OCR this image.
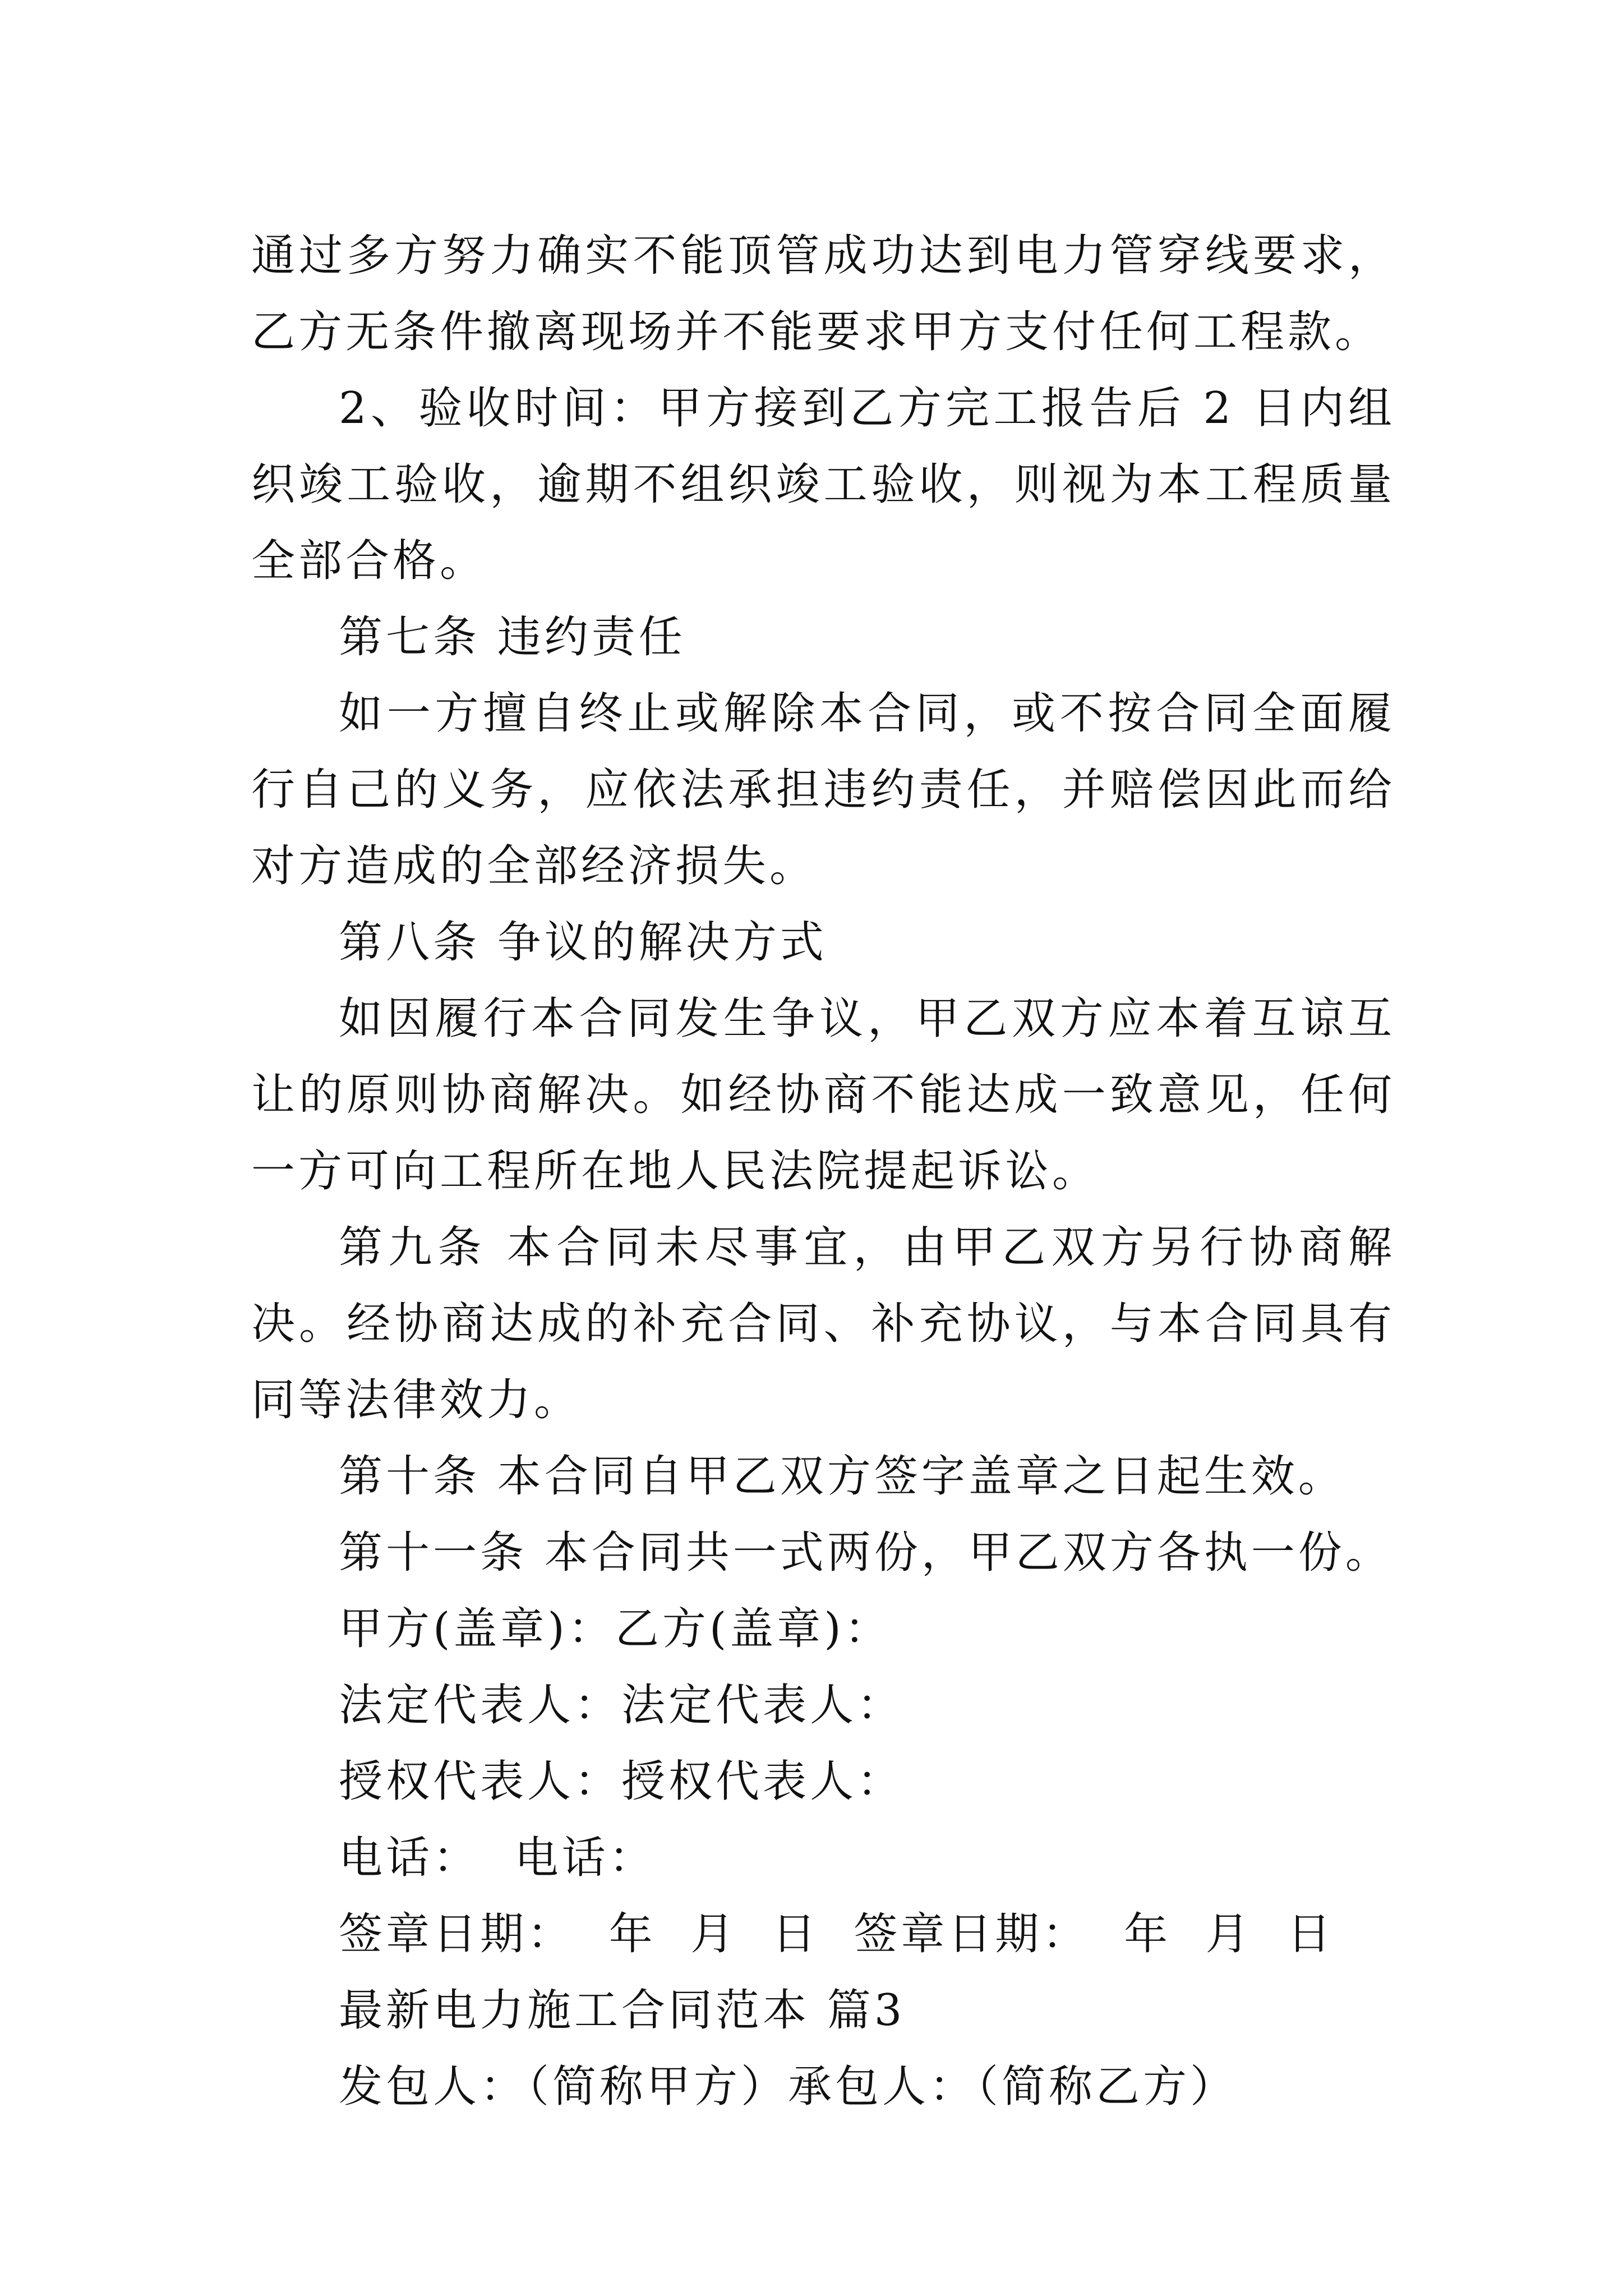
通过多方努力确实不能顶管成功达到电力管穿线要求，乙方无条件撤离现场并不能要求甲方支付任何工程款。

2、验收时间：甲方接到乙方完工报告后 2 日内组织竣工验收，逾期不组织竣工验收，则视为本工程质量全部合格。

第七条 违约责任

如一方擅自终止或解除本合同，或不按合同全面履行自己的义务，应依法承担违约责任，并赔偿因此而给对方造成的全部经济损失。

第八条 争议的解决方式

如因履行本合同发生争议，甲乙双方应本着互谅互让的原则协商解决。如经协商不能达成一致意见，任何一方可向工程所在地人民法院提起诉讼。

第九条 本合同未尽事宜，由甲乙双方另行协商解决。经协商达成的补充合同、补充协议，与本合同具有同等法律效力。

第十条 本合同自甲乙双方签字盖章之日起生效。

第十一条 本合同共一式两份，甲乙双方各执一份。

甲方(盖章)：乙方(盖章)：

法定代表人：法定代表人：

授权代表人：授权代表人：

电话：  电话：

签章日期：  年  月  日  签章日期：  年  月  日

最新电力施工合同范本 篇3

发包人：（简称甲方）承包人：（简称乙方）
